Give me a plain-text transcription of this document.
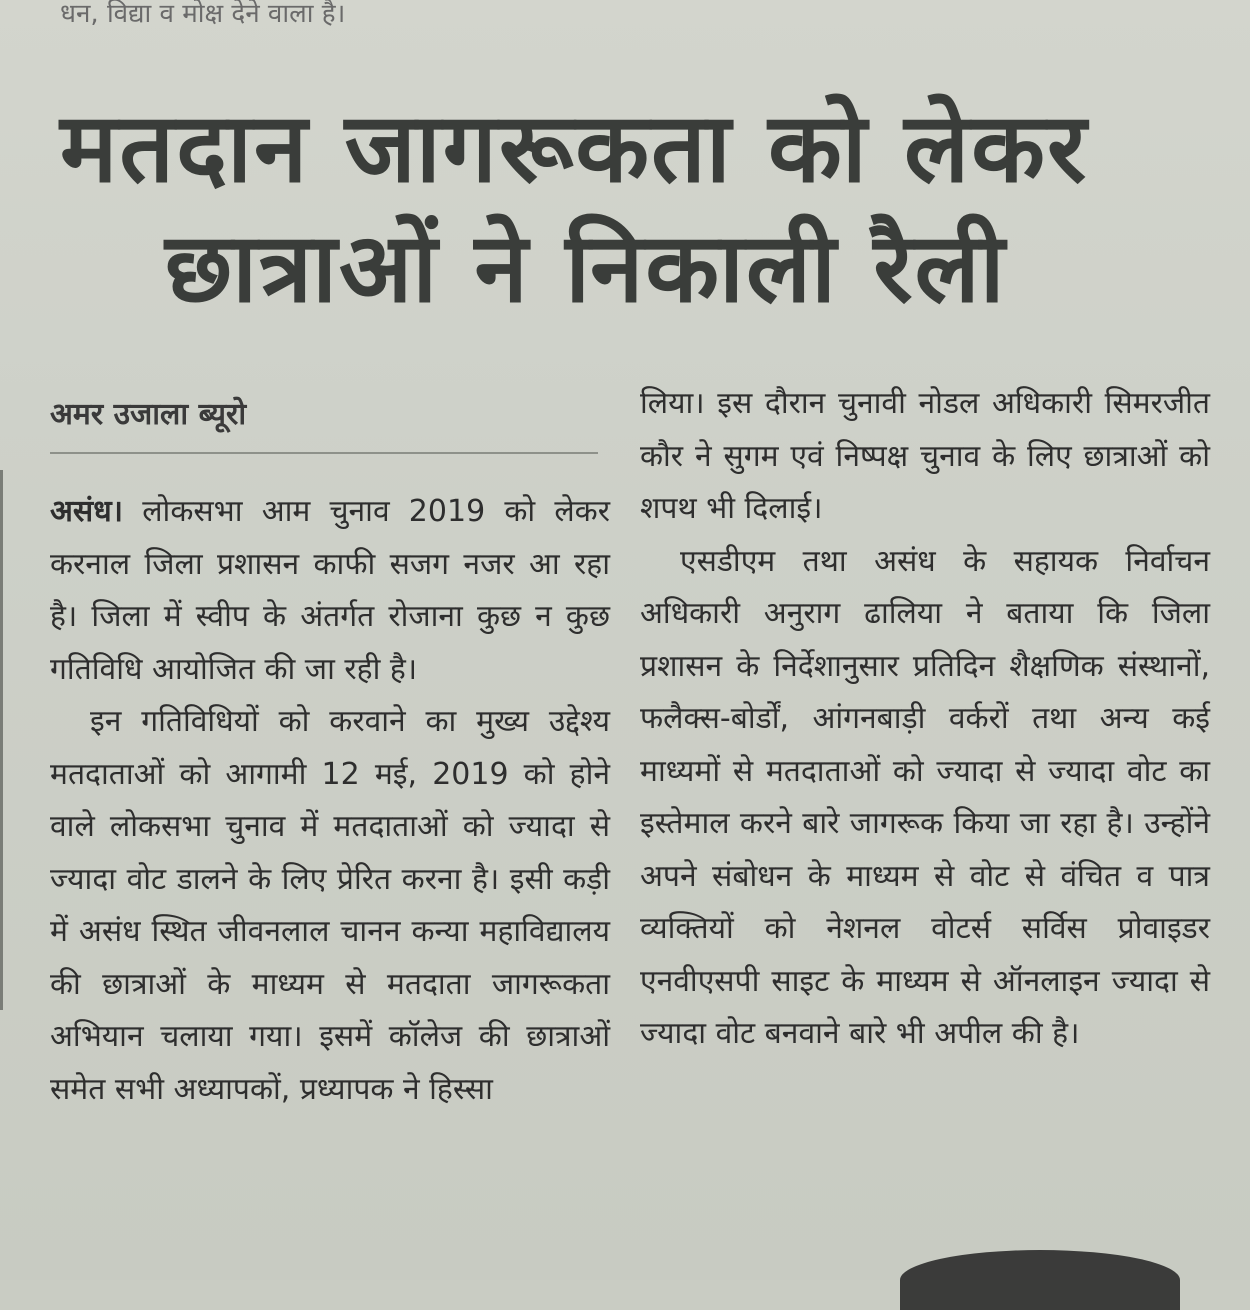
धन, विद्या व मोक्ष देने वाला है।
मतदान जागरूकता को लेकर
छात्राओं ने निकाली रैली
अमर उजाला ब्यूरो

असंध। लोकसभा आम चुनाव 2019 को लेकर करनाल जिला प्रशासन काफी सजग नजर आ रहा है। जिला में स्वीप के अंतर्गत रोजाना कुछ न कुछ गतिविधि आयोजित की जा रही है।

इन गतिविधियों को करवाने का मुख्य उद्देश्य मतदाताओं को आगामी 12 मई, 2019 को होने वाले लोकसभा चुनाव में मतदाताओं को ज्यादा से ज्यादा वोट डालने के लिए प्रेरित करना है। इसी कड़ी में असंध स्थित जीवनलाल चानन कन्या महाविद्यालय की छात्राओं के माध्यम से मतदाता जागरूकता अभियान चलाया गया। इसमें कॉलेज की छात्राओं समेत सभी अध्यापकों, प्रध्यापक ने हिस्सा

लिया। इस दौरान चुनावी नोडल अधिकारी सिमरजीत कौर ने सुगम एवं निष्पक्ष चुनाव के लिए छात्राओं को शपथ भी दिलाई।

एसडीएम तथा असंध के सहायक निर्वाचन अधिकारी अनुराग ढालिया ने बताया कि जिला प्रशासन के निर्देशानुसार प्रतिदिन शैक्षणिक संस्थानों, फलैक्स-बोर्डों, आंगनबाड़ी वर्करों तथा अन्य कई माध्यमों से मतदाताओं को ज्यादा से ज्यादा वोट का इस्तेमाल करने बारे जागरूक किया जा रहा है। उन्होंने अपने संबोधन के माध्यम से वोट से वंचित व पात्र व्यक्तियों को नेशनल वोटर्स सर्विस प्रोवाइडर एनवीएसपी साइट के माध्यम से ऑनलाइन ज्यादा से ज्यादा वोट बनवाने बारे भी अपील की है।
